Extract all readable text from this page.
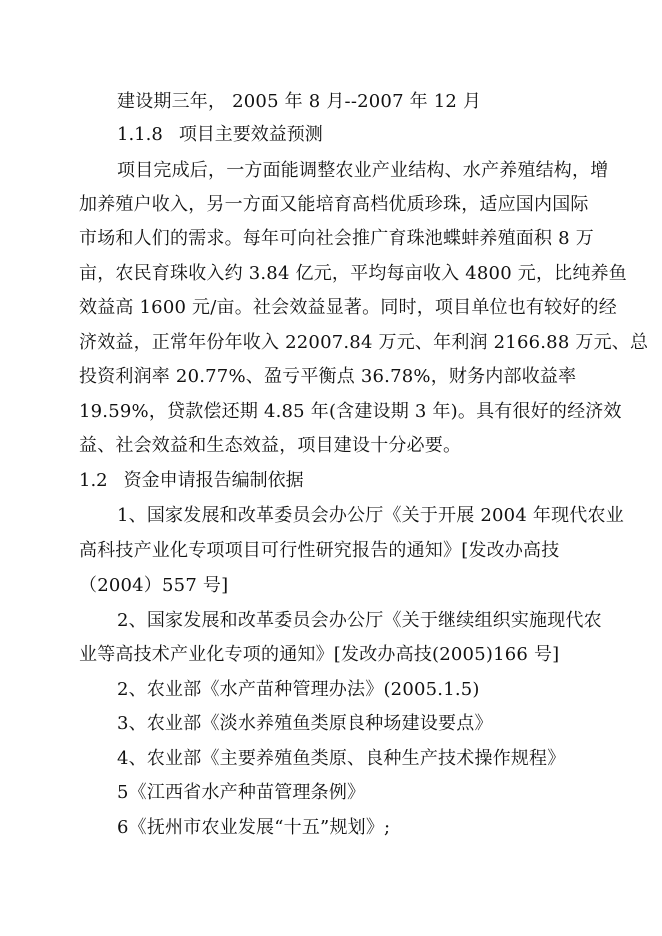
建设期三年， 2005 年 8 月--2007 年 12 月
1.1.8 项目主要效益预测
项目完成后，一方面能调整农业产业结构、水产养殖结构，增
加养殖户收入，另一方面又能培育高档优质珍珠，适应国内国际
市场和人们的需求。每年可向社会推广育珠池蝶蚌养殖面积 8 万
亩，农民育珠收入约 3.84 亿元，平均每亩收入 4800 元，比纯养鱼
效益高 1600 元/亩。社会效益显著。同时，项目单位也有较好的经
济效益，正常年份年收入 22007.84 万元、年利润 2166.88 万元、总
投资利润率 20.77%、盈亏平衡点 36.78%，财务内部收益率
19.59%，贷款偿还期 4.85 年(含建设期 3 年)。具有很好的经济效
益、社会效益和生态效益，项目建设十分必要。
1.2 资金申请报告编制依据
1、国家发展和改革委员会办公厅《关于开展 2004 年现代农业
高科技产业化专项项目可行性研究报告的通知》[发改办高技
（2004）557 号]
2、国家发展和改革委员会办公厅《关于继续组织实施现代农
业等高技术产业化专项的通知》[发改办高技(2005)166 号]
2、农业部《水产苗种管理办法》(2005.1.5)
3、农业部《淡水养殖鱼类原良种场建设要点》
4、农业部《主要养殖鱼类原、良种生产技术操作规程》
5《江西省水产种苗管理条例》
6《抚州市农业发展“十五”规划》;
